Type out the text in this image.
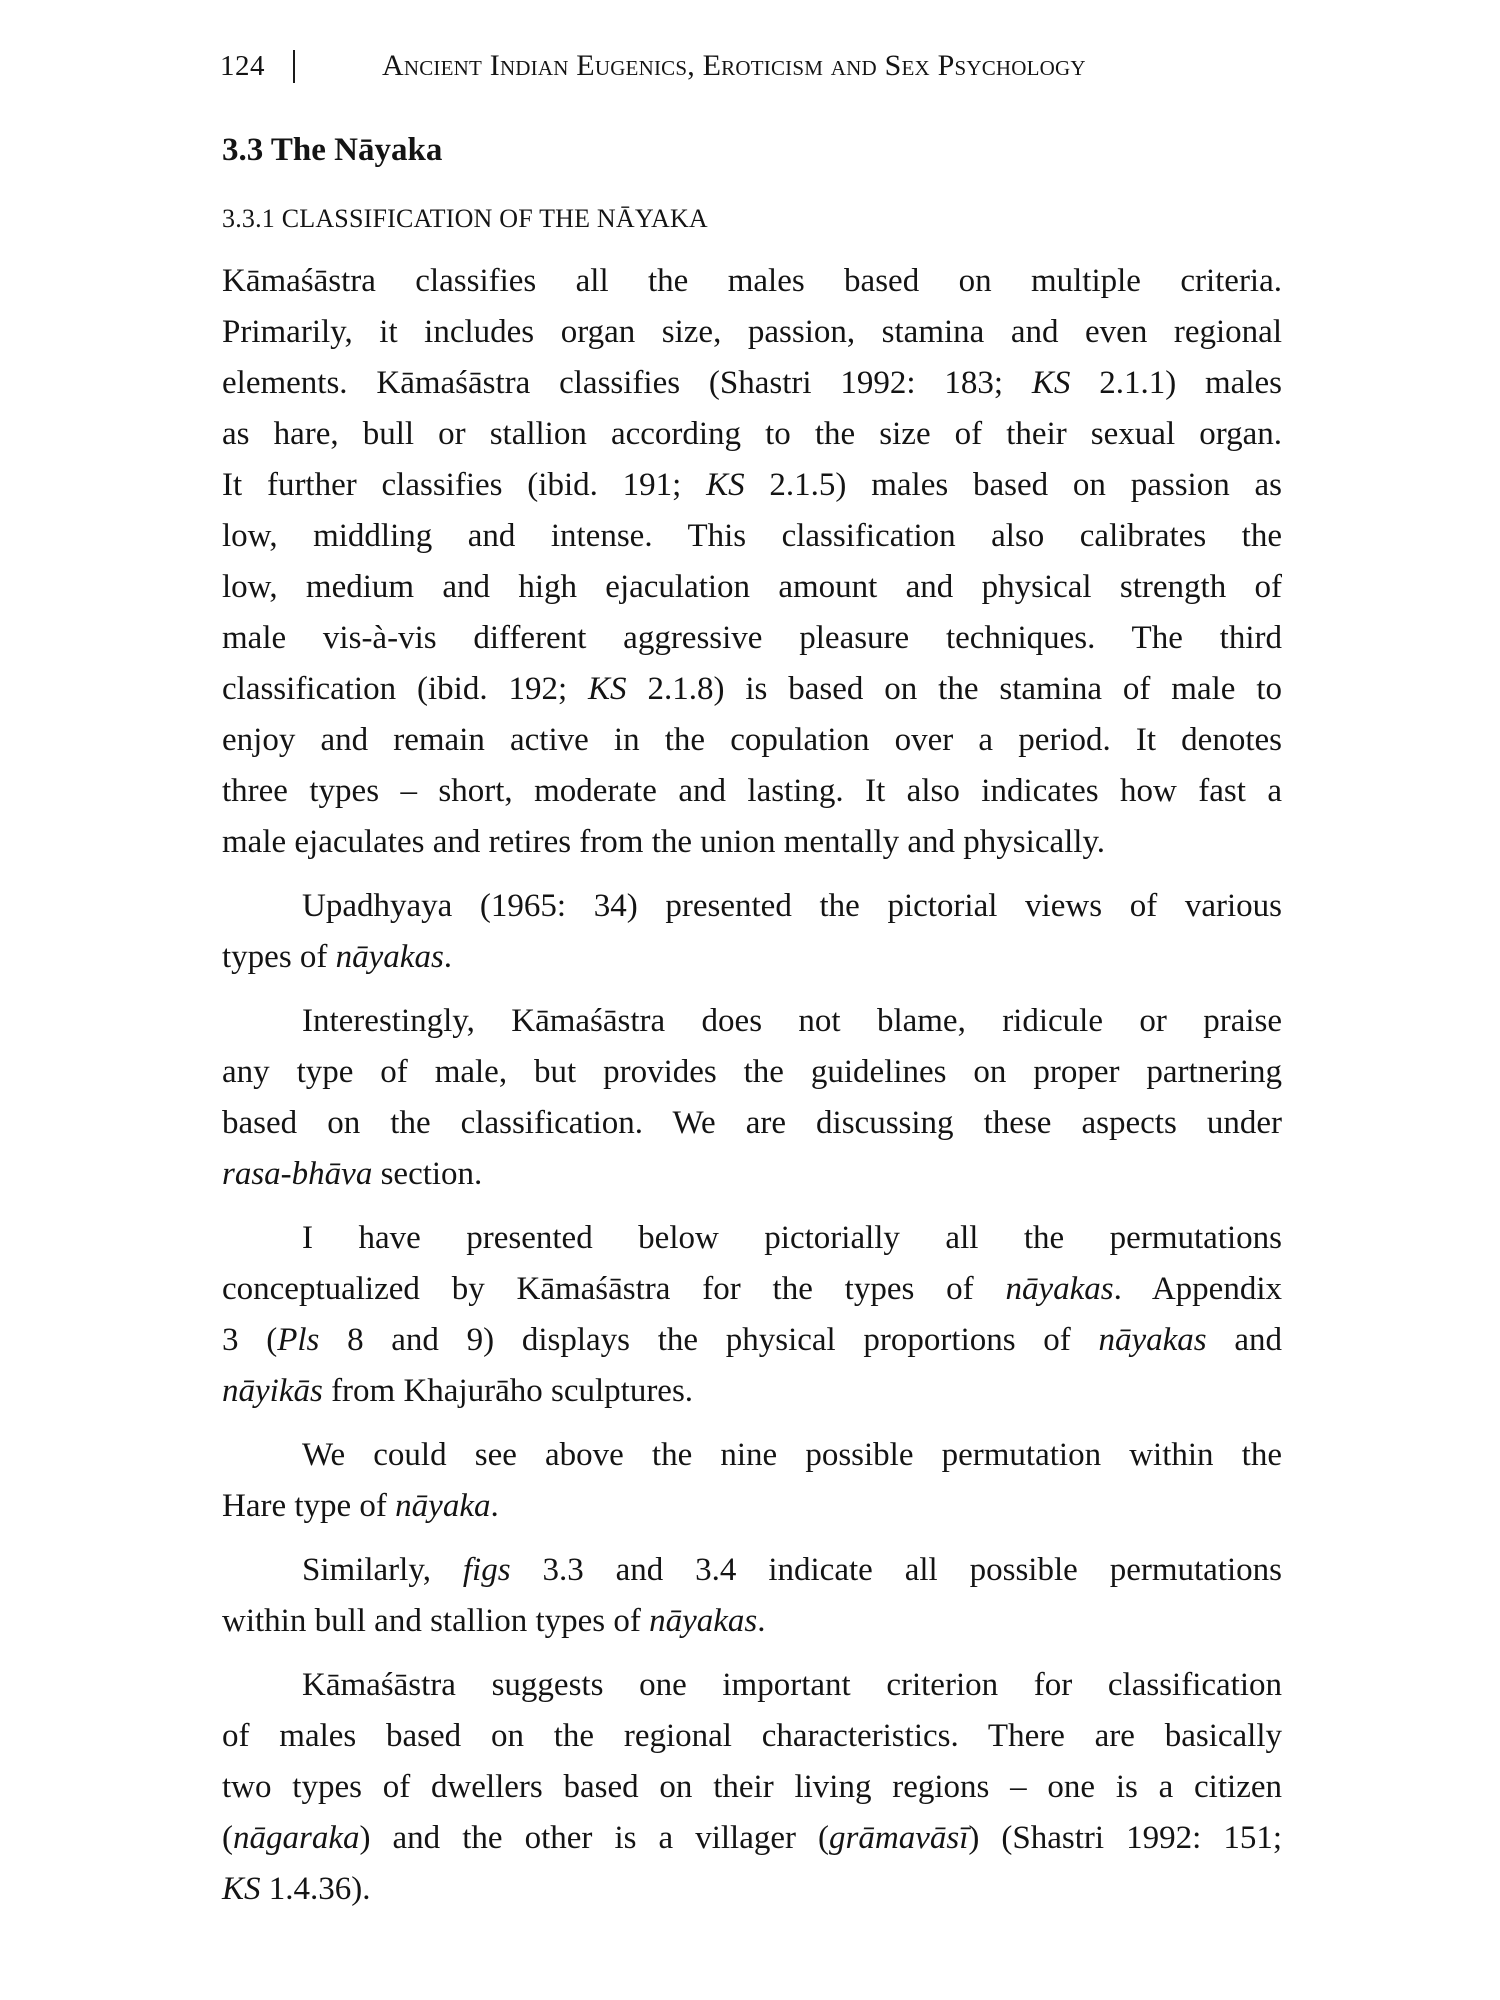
124	Ancient Indian Eugenics, Eroticism and Sex Psychology
3.3 The Nāyaka
3.3.1 CLASSIFICATION OF THE NĀYAKA
Kāmaśāstra classifies all the males based on multiple criteria.
Primarily, it includes organ size, passion, stamina and even regional
elements. Kāmaśāstra classifies (Shastri 1992: 183; KS 2.1.1) males
as hare, bull or stallion according to the size of their sexual organ.
It further classifies (ibid. 191; KS 2.1.5) males based on passion as
low, middling and intense. This classification also calibrates the
low, medium and high ejaculation amount and physical strength of
male vis-à-vis different aggressive pleasure techniques. The third
classification (ibid. 192; KS 2.1.8) is based on the stamina of male to
enjoy and remain active in the copulation over a period. It denotes
three types – short, moderate and lasting. It also indicates how fast a
male ejaculates and retires from the union mentally and physically.
Upadhyaya (1965: 34) presented the pictorial views of various
types of nāyakas.
Interestingly, Kāmaśāstra does not blame, ridicule or praise
any type of male, but provides the guidelines on proper partnering
based on the classification. We are discussing these aspects under
rasa-bhāva section.
I have presented below pictorially all the permutations
conceptualized by Kāmaśāstra for the types of nāyakas. Appendix
3 (Pls 8 and 9) displays the physical proportions of nāyakas and
nāyikās from Khajurāho sculptures.
We could see above the nine possible permutation within the
Hare type of nāyaka.
Similarly, figs 3.3 and 3.4 indicate all possible permutations
within bull and stallion types of nāyakas.
Kāmaśāstra suggests one important criterion for classification
of males based on the regional characteristics. There are basically
two types of dwellers based on their living regions – one is a citizen
(nāgaraka) and the other is a villager (grāmavāsī) (Shastri 1992: 151;
KS 1.4.36).
